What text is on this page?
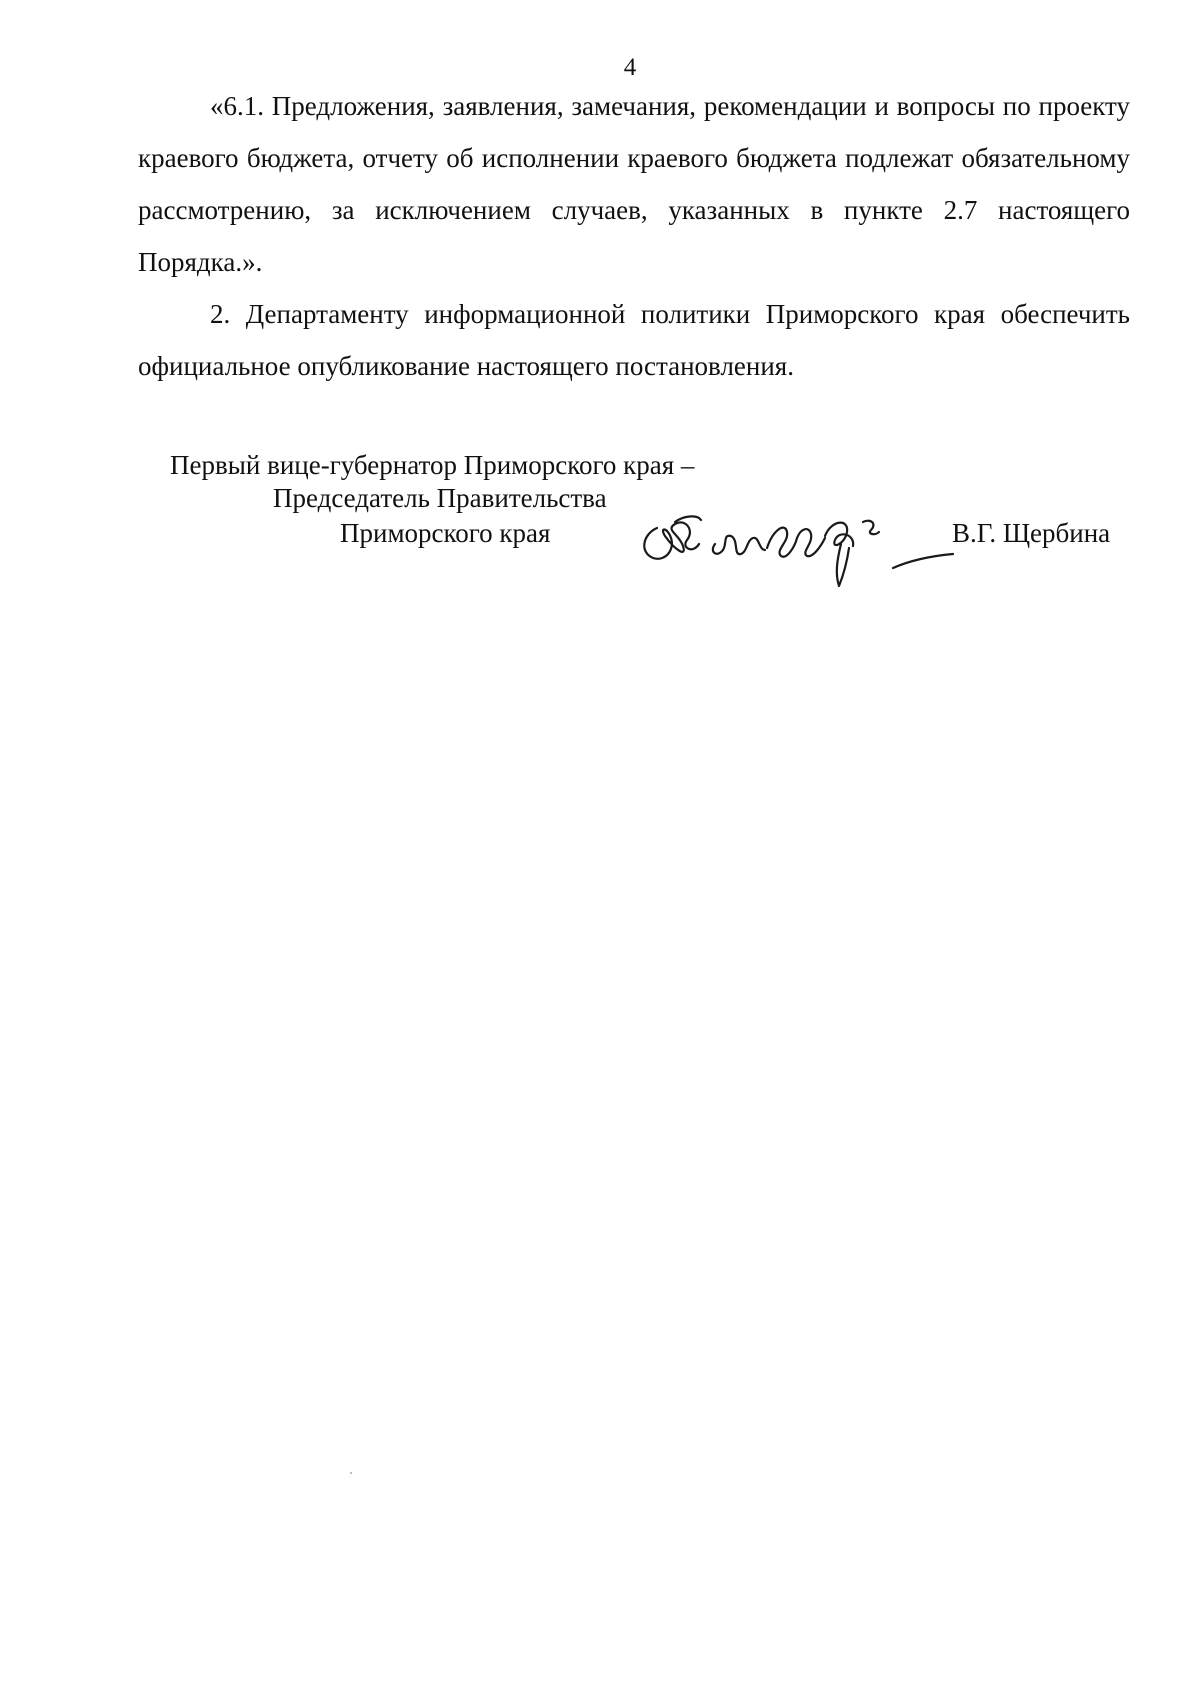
4

«6.1. Предложения, заявления, замечания, рекомендации и вопросы по проекту краевого бюджета, отчету об исполнении краевого бюджета подлежат обязательному рассмотрению, за исключением случаев, указанных в пункте 2.7 настоящего Порядка.».

2. Департаменту информационной политики Приморского края обеспечить официальное опубликование настоящего постановления.

Первый вице-губернатор Приморского края –
Председатель Правительства
Приморского края	В.Г. Щербина
